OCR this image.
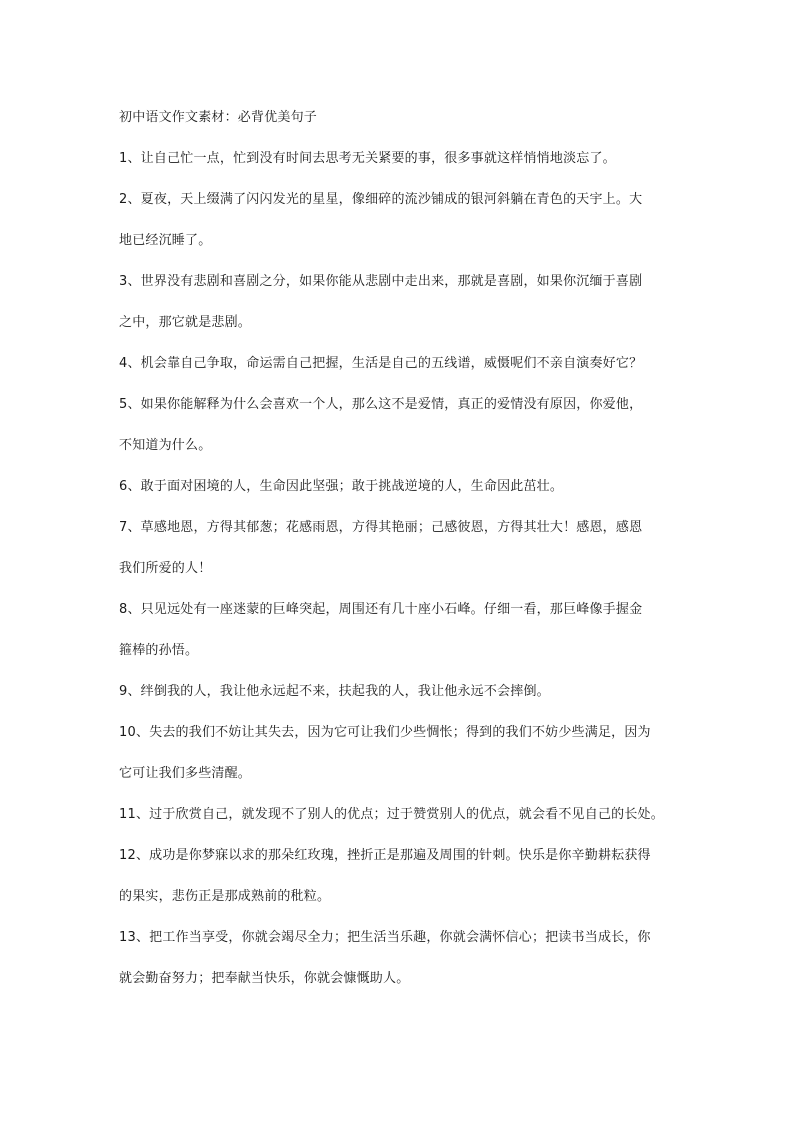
初中语文作文素材：必背优美句子
1、让自己忙一点，忙到没有时间去思考无关紧要的事，很多事就这样悄悄地淡忘了。
2、夏夜，天上缀满了闪闪发光的星星，像细碎的流沙铺成的银河斜躺在青色的天宇上。大
地已经沉睡了。
3、世界没有悲剧和喜剧之分，如果你能从悲剧中走出来，那就是喜剧，如果你沉缅于喜剧
之中，那它就是悲剧。
4、机会靠自己争取，命运需自己把握，生活是自己的五线谱，威慑呢们不亲自演奏好它？
5、如果你能解释为什么会喜欢一个人，那么这不是爱情，真正的爱情没有原因，你爱他，
不知道为什么。
6、敢于面对困境的人，生命因此坚强；敢于挑战逆境的人，生命因此茁壮。
7、草感地恩，方得其郁葱；花感雨恩，方得其艳丽；己感彼恩，方得其壮大！感恩，感恩
我们所爱的人！
8、只见远处有一座迷蒙的巨峰突起，周围还有几十座小石峰。仔细一看，那巨峰像手握金
箍棒的孙悟。
9、绊倒我的人，我让他永远起不来，扶起我的人，我让他永远不会摔倒。
10、失去的我们不妨让其失去，因为它可让我们少些惆怅；得到的我们不妨少些满足，因为
它可让我们多些清醒。
11、过于欣赏自己，就发现不了别人的优点；过于赞赏别人的优点，就会看不见自己的长处。
12、成功是你梦寐以求的那朵红玫瑰，挫折正是那遍及周围的针刺。快乐是你辛勤耕耘获得
的果实，悲伤正是那成熟前的秕粒。
13、把工作当享受，你就会竭尽全力；把生活当乐趣，你就会满怀信心；把读书当成长，你
就会勤奋努力；把奉献当快乐，你就会慷慨助人。
